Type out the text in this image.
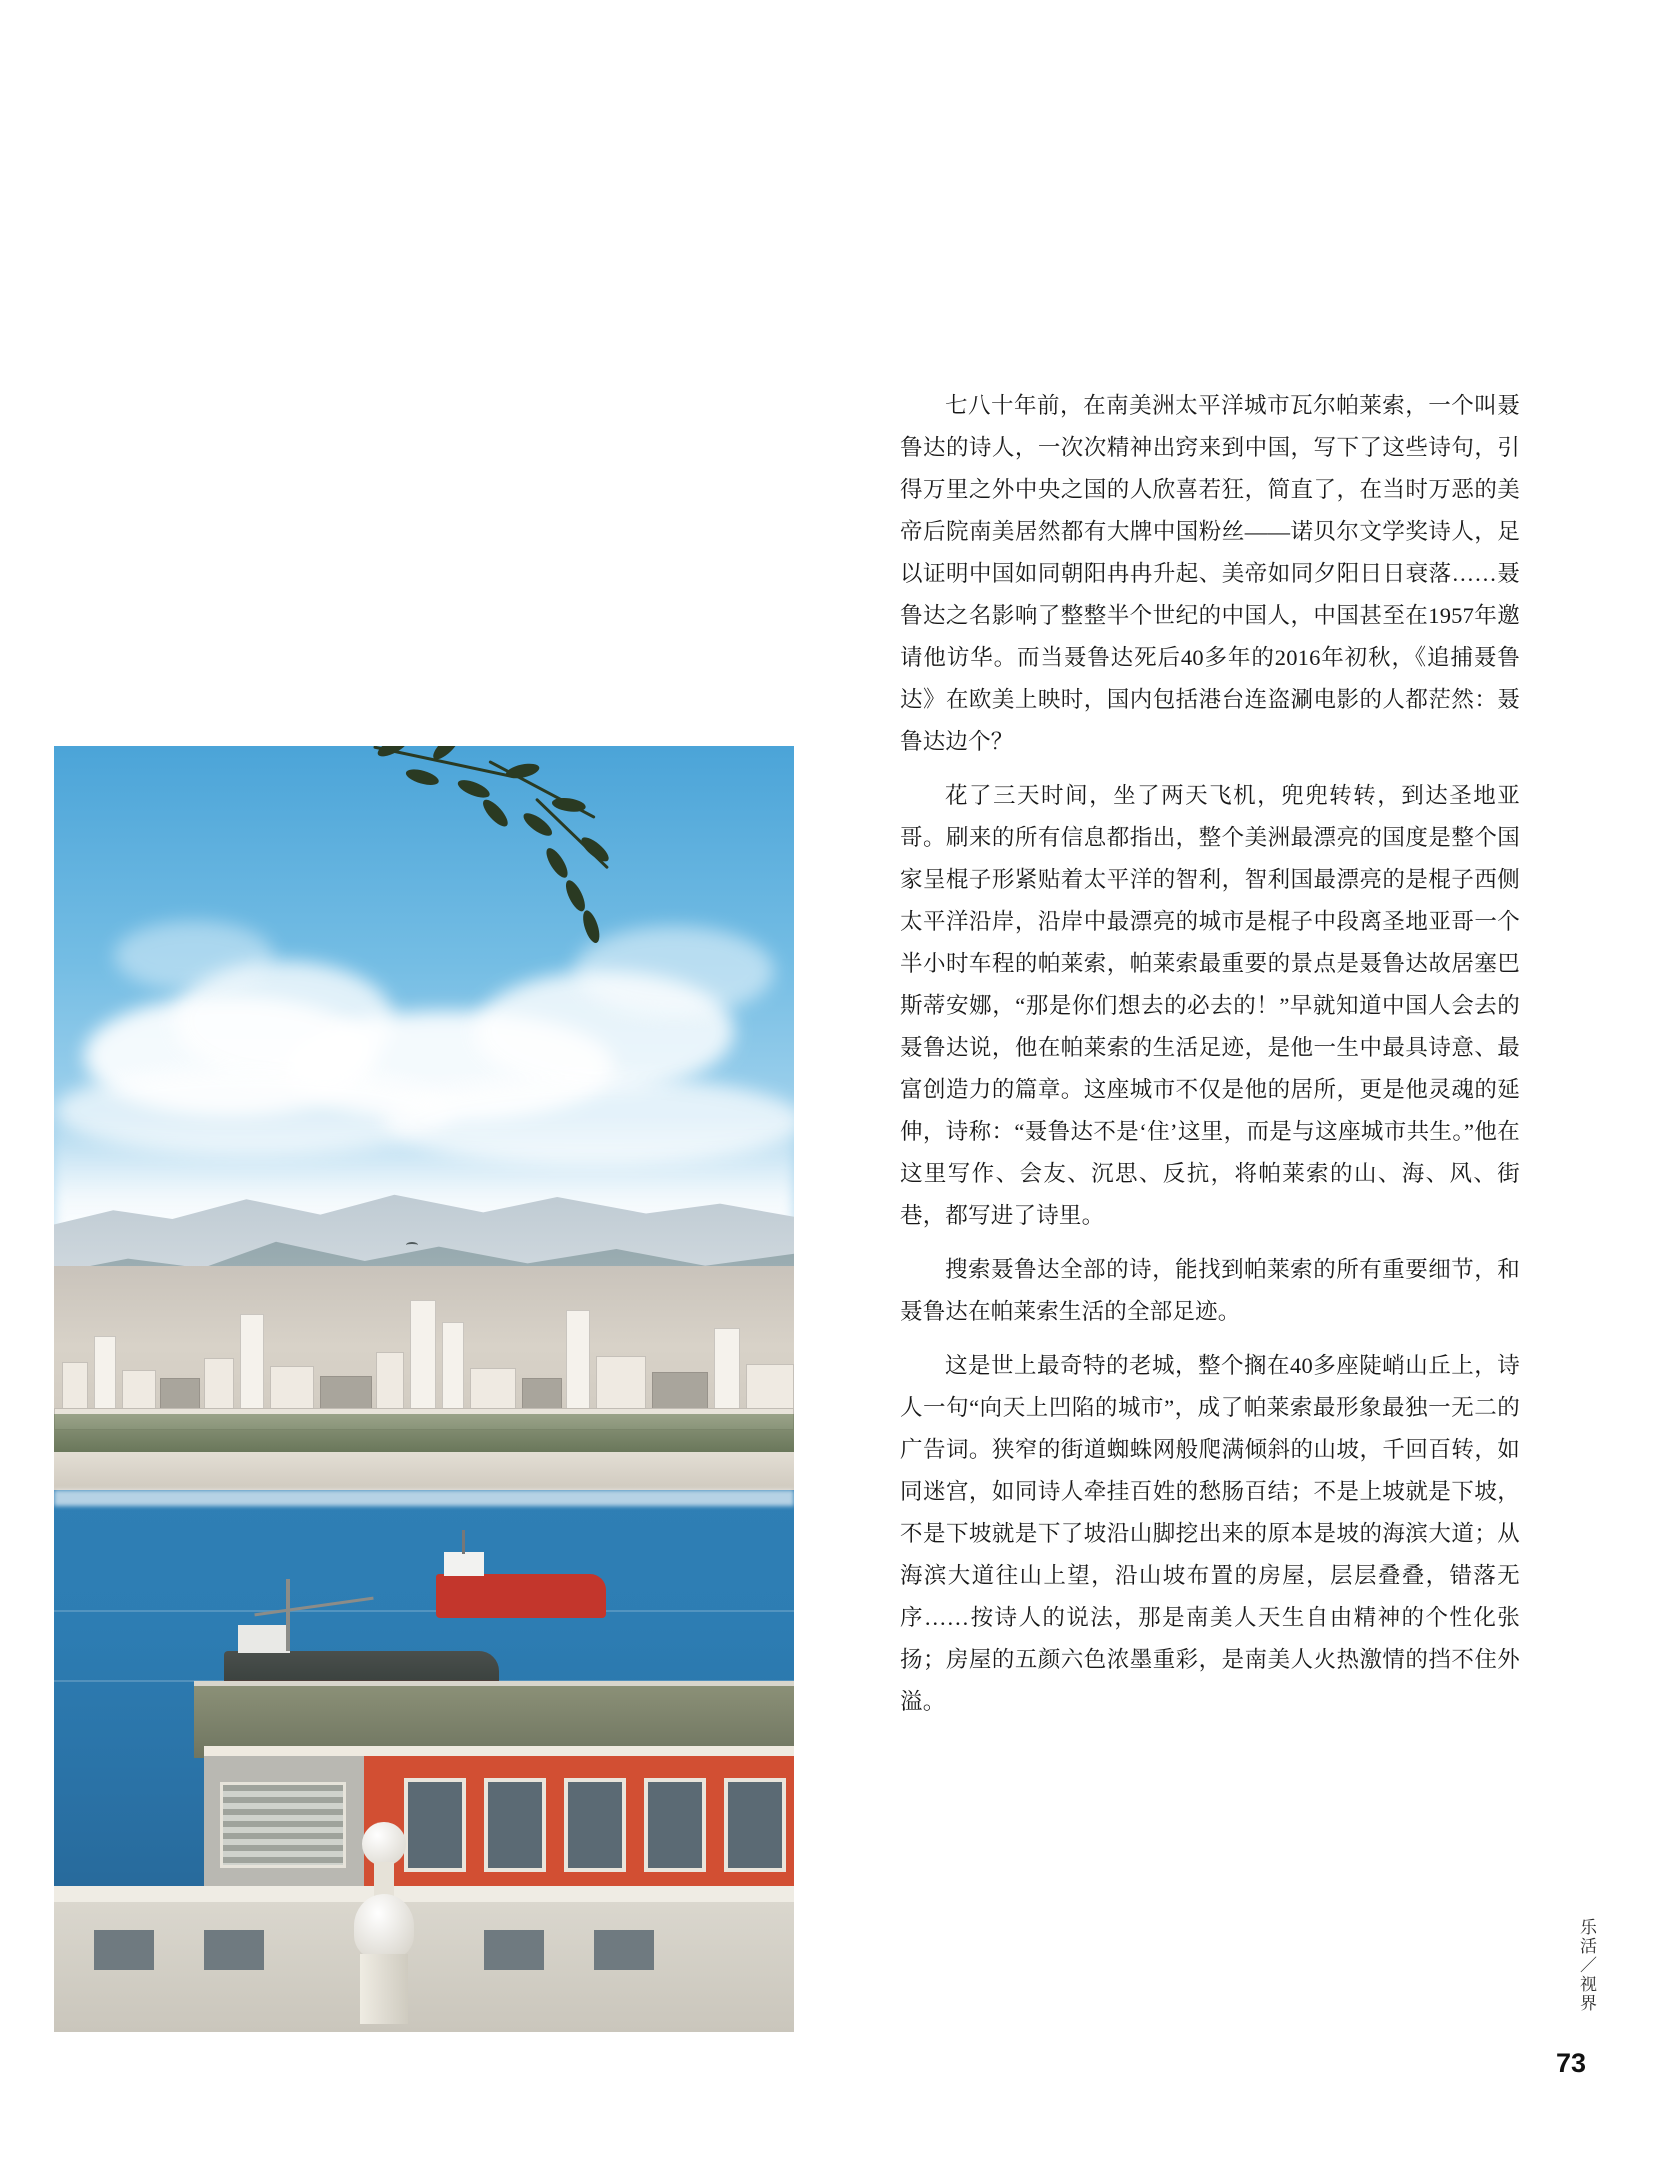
七八十年前，在南美洲太平洋城市瓦尔帕莱索，一个叫聂鲁达的诗人，一次次精神出窍来到中国，写下了这些诗句，引得万里之外中央之国的人欣喜若狂，简直了，在当时万恶的美帝后院南美居然都有大牌中国粉丝——诺贝尔文学奖诗人，足以证明中国如同朝阳冉冉升起、美帝如同夕阳日日衰落……聂鲁达之名影响了整整半个世纪的中国人，中国甚至在1957年邀请他访华。而当聂鲁达死后40多年的2016年初秋，《追捕聂鲁达》在欧美上映时，国内包括港台连盗涮电影的人都茫然：聂鲁达边个？

花了三天时间，坐了两天飞机，兜兜转转，到达圣地亚哥。刷来的所有信息都指出，整个美洲最漂亮的国度是整个国家呈棍子形紧贴着太平洋的智利，智利国最漂亮的是棍子西侧太平洋沿岸，沿岸中最漂亮的城市是棍子中段离圣地亚哥一个半小时车程的帕莱索，帕莱索最重要的景点是聂鲁达故居塞巴斯蒂安娜，“那是你们想去的必去的！”早就知道中国人会去的聂鲁达说，他在帕莱索的生活足迹，是他一生中最具诗意、最富创造力的篇章。这座城市不仅是他的居所，更是他灵魂的延伸，诗称：“聂鲁达不是‘住’这里，而是与这座城市共生。”他在这里写作、会友、沉思、反抗，将帕莱索的山、海、风、街巷，都写进了诗里。

搜索聂鲁达全部的诗，能找到帕莱索的所有重要细节，和聂鲁达在帕莱索生活的全部足迹。

这是世上最奇特的老城，整个搁在40多座陡峭山丘上，诗人一句“向天上凹陷的城市”，成了帕莱索最形象最独一无二的广告词。狭窄的街道蜘蛛网般爬满倾斜的山坡，千回百转，如同迷宫，如同诗人牵挂百姓的愁肠百结；不是上坡就是下坡，不是下坡就是下了坡沿山脚挖出来的原本是坡的海滨大道；从海滨大道往山上望，沿山坡布置的房屋，层层叠叠，错落无序……按诗人的说法，那是南美人天生自由精神的个性化张扬；房屋的五颜六色浓墨重彩，是南美人火热激情的挡不住外溢。

乐活／视界
73
